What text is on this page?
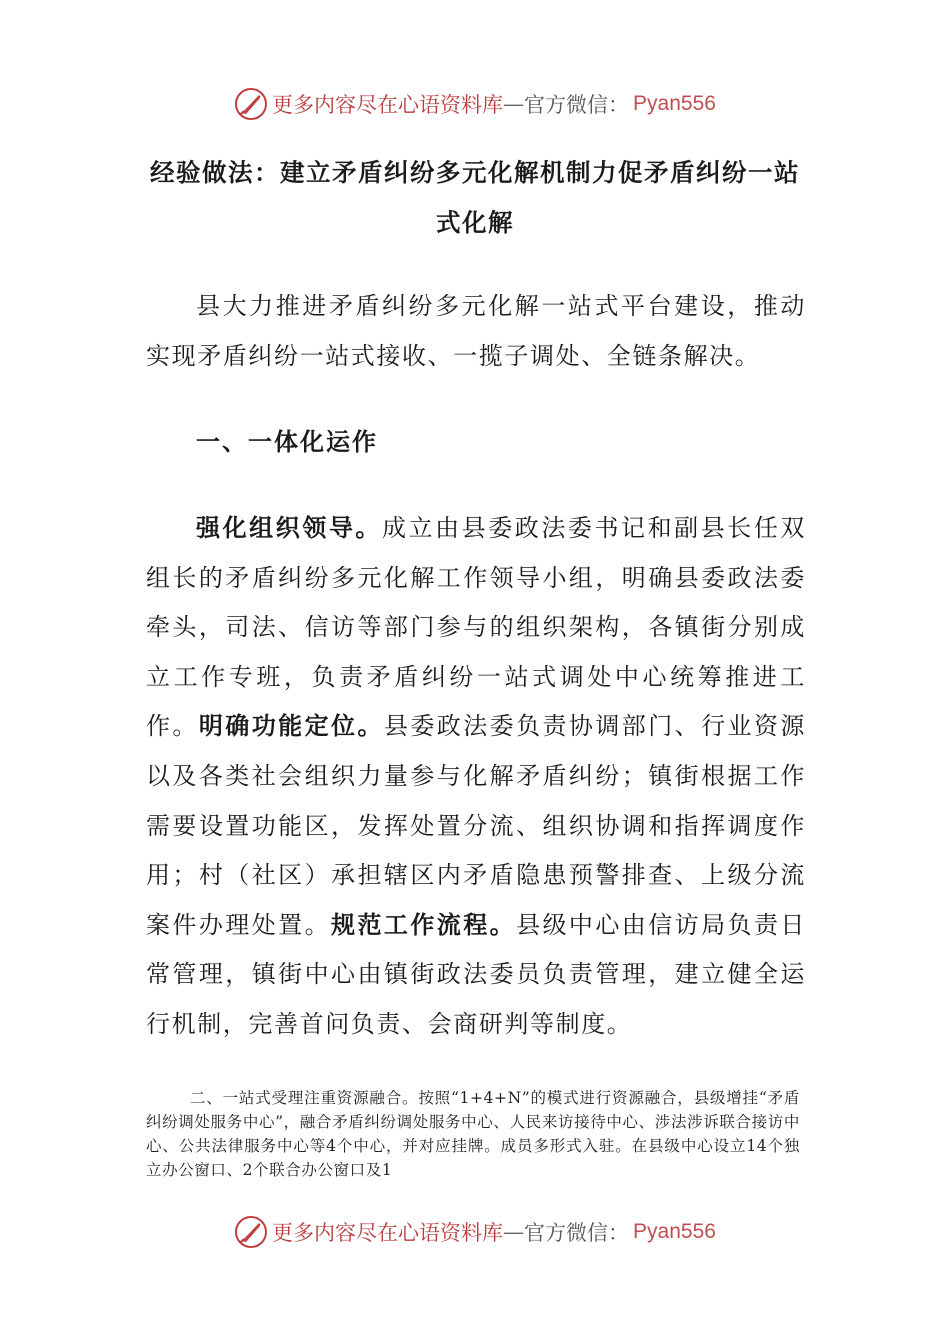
更多内容尽在心语资料库 — 官方微信： Pyan556
经验做法：建立矛盾纠纷多元化解机制力促矛盾纠纷一站式化解

县大力推进矛盾纠纷多元化解一站式平台建设，推动实现矛盾纠纷一站式接收、一揽子调处、全链条解决。

一、一体化运作

强化组织领导。成立由县委政法委书记和副县长任双组长的矛盾纠纷多元化解工作领导小组，明确县委政法委牵头，司法、信访等部门参与的组织架构，各镇街分别成立工作专班，负责矛盾纠纷一站式调处中心统筹推进工作。明确功能定位。县委政法委负责协调部门、行业资源以及各类社会组织力量参与化解矛盾纠纷；镇街根据工作需要设置功能区，发挥处置分流、组织协调和指挥调度作用；村（社区）承担辖区内矛盾隐患预警排查、上级分流案件办理处置。规范工作流程。县级中心由信访局负责日常管理，镇街中心由镇街政法委员负责管理，建立健全运行机制，完善首问负责、会商研判等制度。

二、一站式受理注重资源融合。按照“1+4+N”的模式进行资源融合，县级增挂“矛盾纠纷调处服务中心”，融合矛盾纠纷调处服务中心、人民来访接待中心、涉法涉诉联合接访中心、公共法律服务中心等4个中心，并对应挂牌。成员多形式入驻。在县级中心设立14个独立办公窗口、2个联合办公窗口及1

更多内容尽在心语资料库 — 官方微信： Pyan556
